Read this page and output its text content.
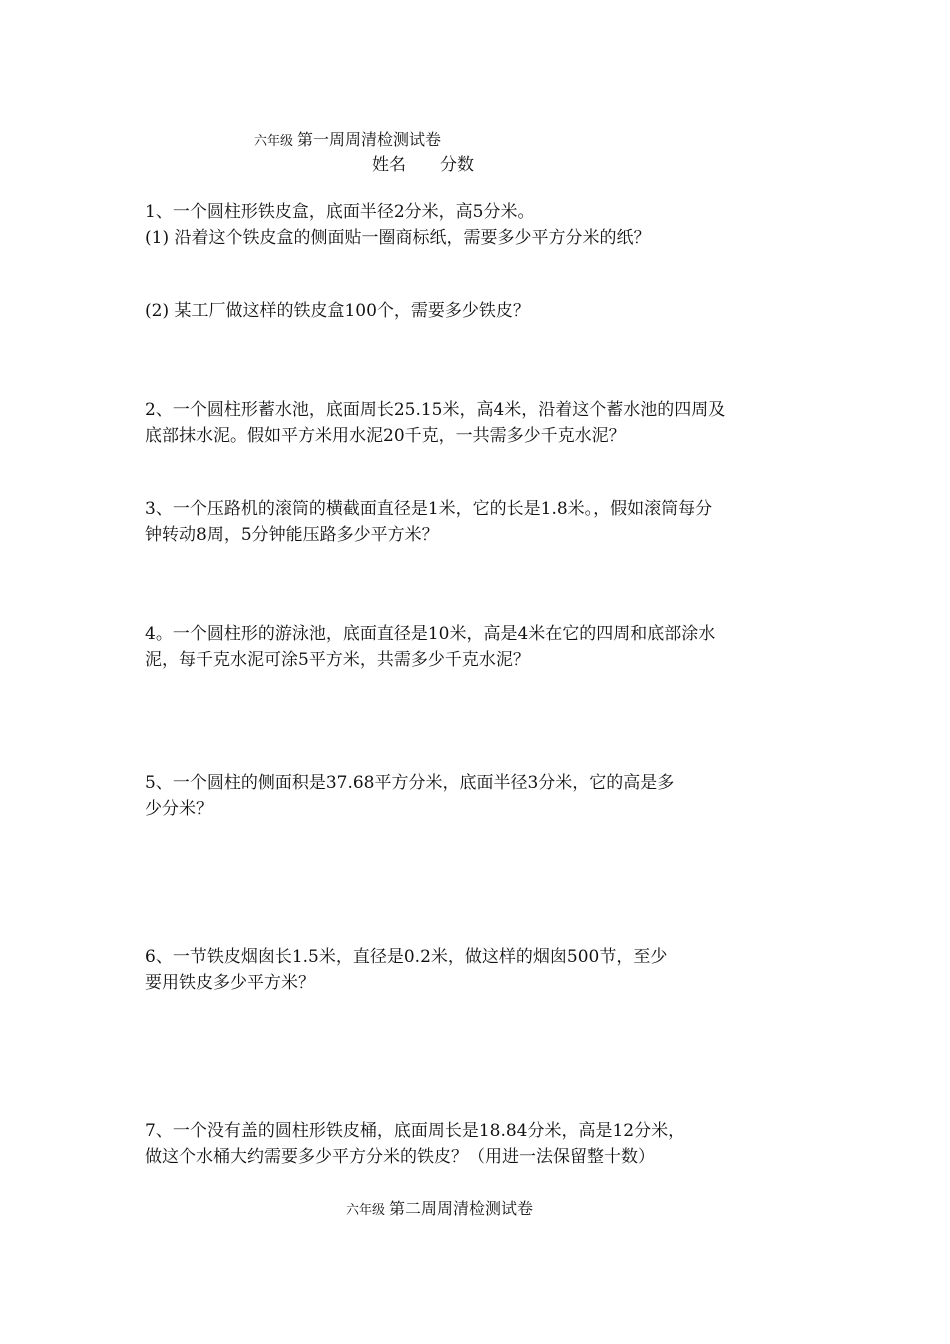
六年级 第一周周清检测试卷
姓名 分数

1、一个圆柱形铁皮盒，底面半径2分米，高5分米。

(1) 沿着这个铁皮盒的侧面贴一圈商标纸，需要多少平方分米的纸？

(2) 某工厂做这样的铁皮盒100个，需要多少铁皮？

2、一个圆柱形蓄水池，底面周长25.15米，高4米，沿着这个蓄水池的四周及

底部抹水泥。假如平方米用水泥20千克，一共需多少千克水泥？

3、一个压路机的滚筒的横截面直径是1米，它的长是1.8米。，假如滚筒每分

钟转动8周，5分钟能压路多少平方米？

4。一个圆柱形的游泳池，底面直径是10米，高是4米在它的四周和底部涂水

泥，每千克水泥可涂5平方米，共需多少千克水泥？

5、一个圆柱的侧面积是37.68平方分米，底面半径3分米，它的高是多

少分米？

6、一节铁皮烟囱长1.5米，直径是0.2米，做这样的烟囱500节，至少

要用铁皮多少平方米？

7、一个没有盖的圆柱形铁皮桶，底面周长是18.84分米，高是12分米，

做这个水桶大约需要多少平方分米的铁皮？（用进一法保留整十数）

六年级 第二周周清检测试卷
